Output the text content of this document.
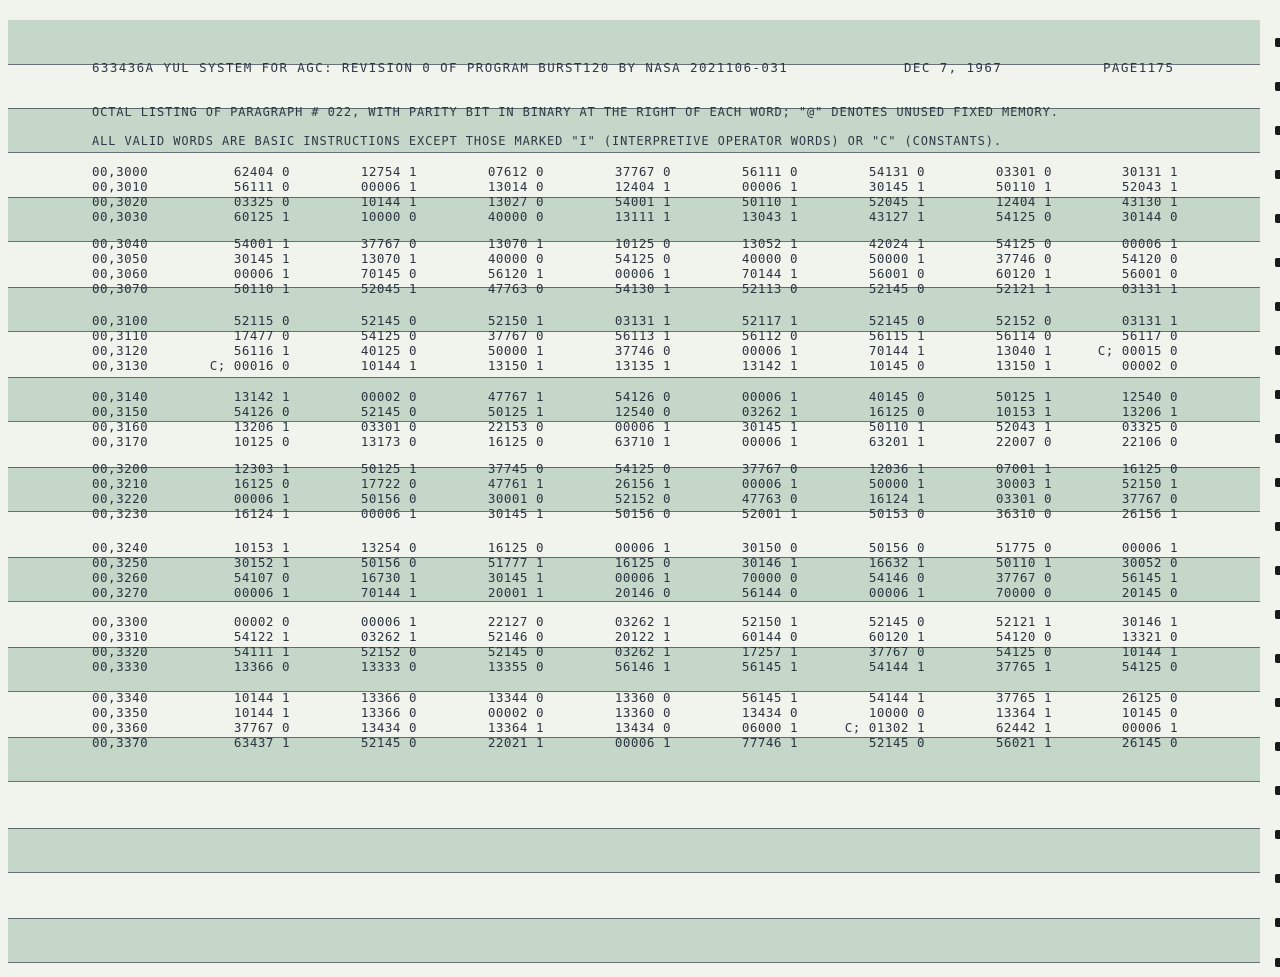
633436A YUL SYSTEM FOR AGC: REVISION 0 OF PROGRAM BURST120 BY NASA 2021106-031	DEC 7, 1967	PAGE1175
OCTAL LISTING OF PARAGRAPH # 022, WITH PARITY BIT IN BINARY AT THE RIGHT OF EACH WORD; "@" DENOTES UNUSED FIXED MEMORY.
ALL VALID WORDS ARE BASIC INSTRUCTIONS EXCEPT THOSE MARKED "I" (INTERPRETIVE OPERATOR WORDS) OR "C" (CONSTANTS).
00,3000	62404 0	12754 1	07612 0	37767 0	56111 0	54131 0	03301 0	30131 1
00,3010	56111 0	00006 1	13014 0	12404 1	00006 1	30145 1	50110 1	52043 1
00,3020	03325 0	10144 1	13027 0	54001 1	50110 1	52045 1	12404 1	43130 1
00,3030	60125 1	10000 0	40000 0	13111 1	13043 1	43127 1	54125 0	30144 0
00,3040	54001 1	37767 0	13070 1	10125 0	13052 1	42024 1	54125 0	00006 1
00,3050	30145 1	13070 1	40000 0	54125 0	40000 0	50000 1	37746 0	54120 0
00,3060	00006 1	70145 0	56120 1	00006 1	70144 1	56001 0	60120 1	56001 0
00,3070	50110 1	52045 1	47763 0	54130 1	52113 0	52145 0	52121 1	03131 1
00,3100	52115 0	52145 0	52150 1	03131 1	52117 1	52145 0	52152 0	03131 1
00,3110	17477 0	54125 0	37767 0	56113 1	56112 0	56115 1	56114 0	56117 0
00,3120	56116 1	40125 0	50000 1	37746 0	00006 1	70144 1	13040 1	C; 00015 0
00,3130	C; 00016 0	10144 1	13150 1	13135 1	13142 1	10145 0	13150 1	00002 0
00,3140	13142 1	00002 0	47767 1	54126 0	00006 1	40145 0	50125 1	12540 0
00,3150	54126 0	52145 0	50125 1	12540 0	03262 1	16125 0	10153 1	13206 1
00,3160	13206 1	03301 0	22153 0	00006 1	30145 1	50110 1	52043 1	03325 0
00,3170	10125 0	13173 0	16125 0	63710 1	00006 1	63201 1	22007 0	22106 0
00,3200	12303 1	50125 1	37745 0	54125 0	37767 0	12036 1	07001 1	16125 0
00,3210	16125 0	17722 0	47761 1	26156 1	00006 1	50000 1	30003 1	52150 1
00,3220	00006 1	50156 0	30001 0	52152 0	47763 0	16124 1	03301 0	37767 0
00,3230	16124 1	00006 1	30145 1	50156 0	52001 1	50153 0	36310 0	26156 1
00,3240	10153 1	13254 0	16125 0	00006 1	30150 0	50156 0	51775 0	00006 1
00,3250	30152 1	50156 0	51777 1	16125 0	30146 1	16632 1	50110 1	30052 0
00,3260	54107 0	16730 1	30145 1	00006 1	70000 0	54146 0	37767 0	56145 1
00,3270	00006 1	70144 1	20001 1	20146 0	56144 0	00006 1	70000 0	20145 0
00,3300	00002 0	00006 1	22127 0	03262 1	52150 1	52145 0	52121 1	30146 1
00,3310	54122 1	03262 1	52146 0	20122 1	60144 0	60120 1	54120 0	13321 0
00,3320	54111 1	52152 0	52145 0	03262 1	17257 1	37767 0	54125 0	10144 1
00,3330	13366 0	13333 0	13355 0	56146 1	56145 1	54144 1	37765 1	54125 0
00,3340	10144 1	13366 0	13344 0	13360 0	56145 1	54144 1	37765 1	26125 0
00,3350	10144 1	13366 0	00002 0	13360 0	13434 0	10000 0	13364 1	10145 0
00,3360	37767 0	13434 0	13364 1	13434 0	06000 1	C; 01302 1	62442 1	00006 1
00,3370	63437 1	52145 0	22021 1	00006 1	77746 1	52145 0	56021 1	26145 0
